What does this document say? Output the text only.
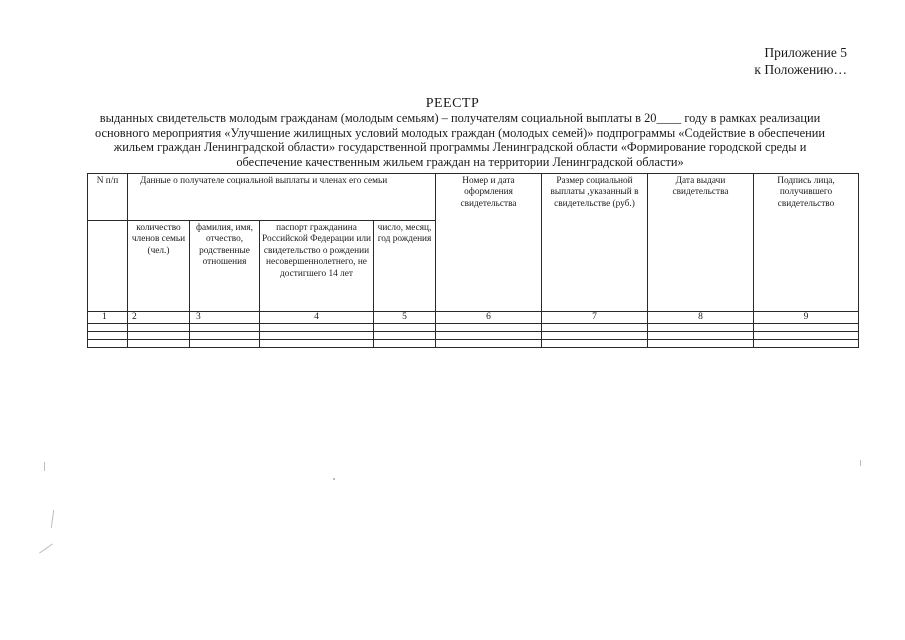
Приложение 5
к Положению…
РЕЕСТР
выданных свидетельств молодым гражданам (молодым семьям) – получателям социальной выплаты в 20____ году в рамках реализации основного мероприятия «Улучшение жилищных условий молодых граждан (молодых семей)» подпрограммы «Содействие в обеспечении жильем граждан Ленинградской области» государственной программы Ленинградской области «Формирование городской среды и обеспечение качественным жильем граждан на территории Ленинградской области»
N п/п	Данные о получателе социальной выплаты и членах его семьи				Номер и дата оформления свидетельства	Размер социальной выплаты ,указанный в свидетельстве (руб.)	Дата выдачи свидетельства	Подпись лица, получившего свидетельство
	количество членов семьи (чел.)	фамилия, имя, отчество, родственные отношения	паспорт гражданина Российской Федерации или свидетельство о рождении несовершеннолетнего, не достигшего 14 лет	число, месяц, год рождения				
1	2	3	4	5	6	7	8	9
